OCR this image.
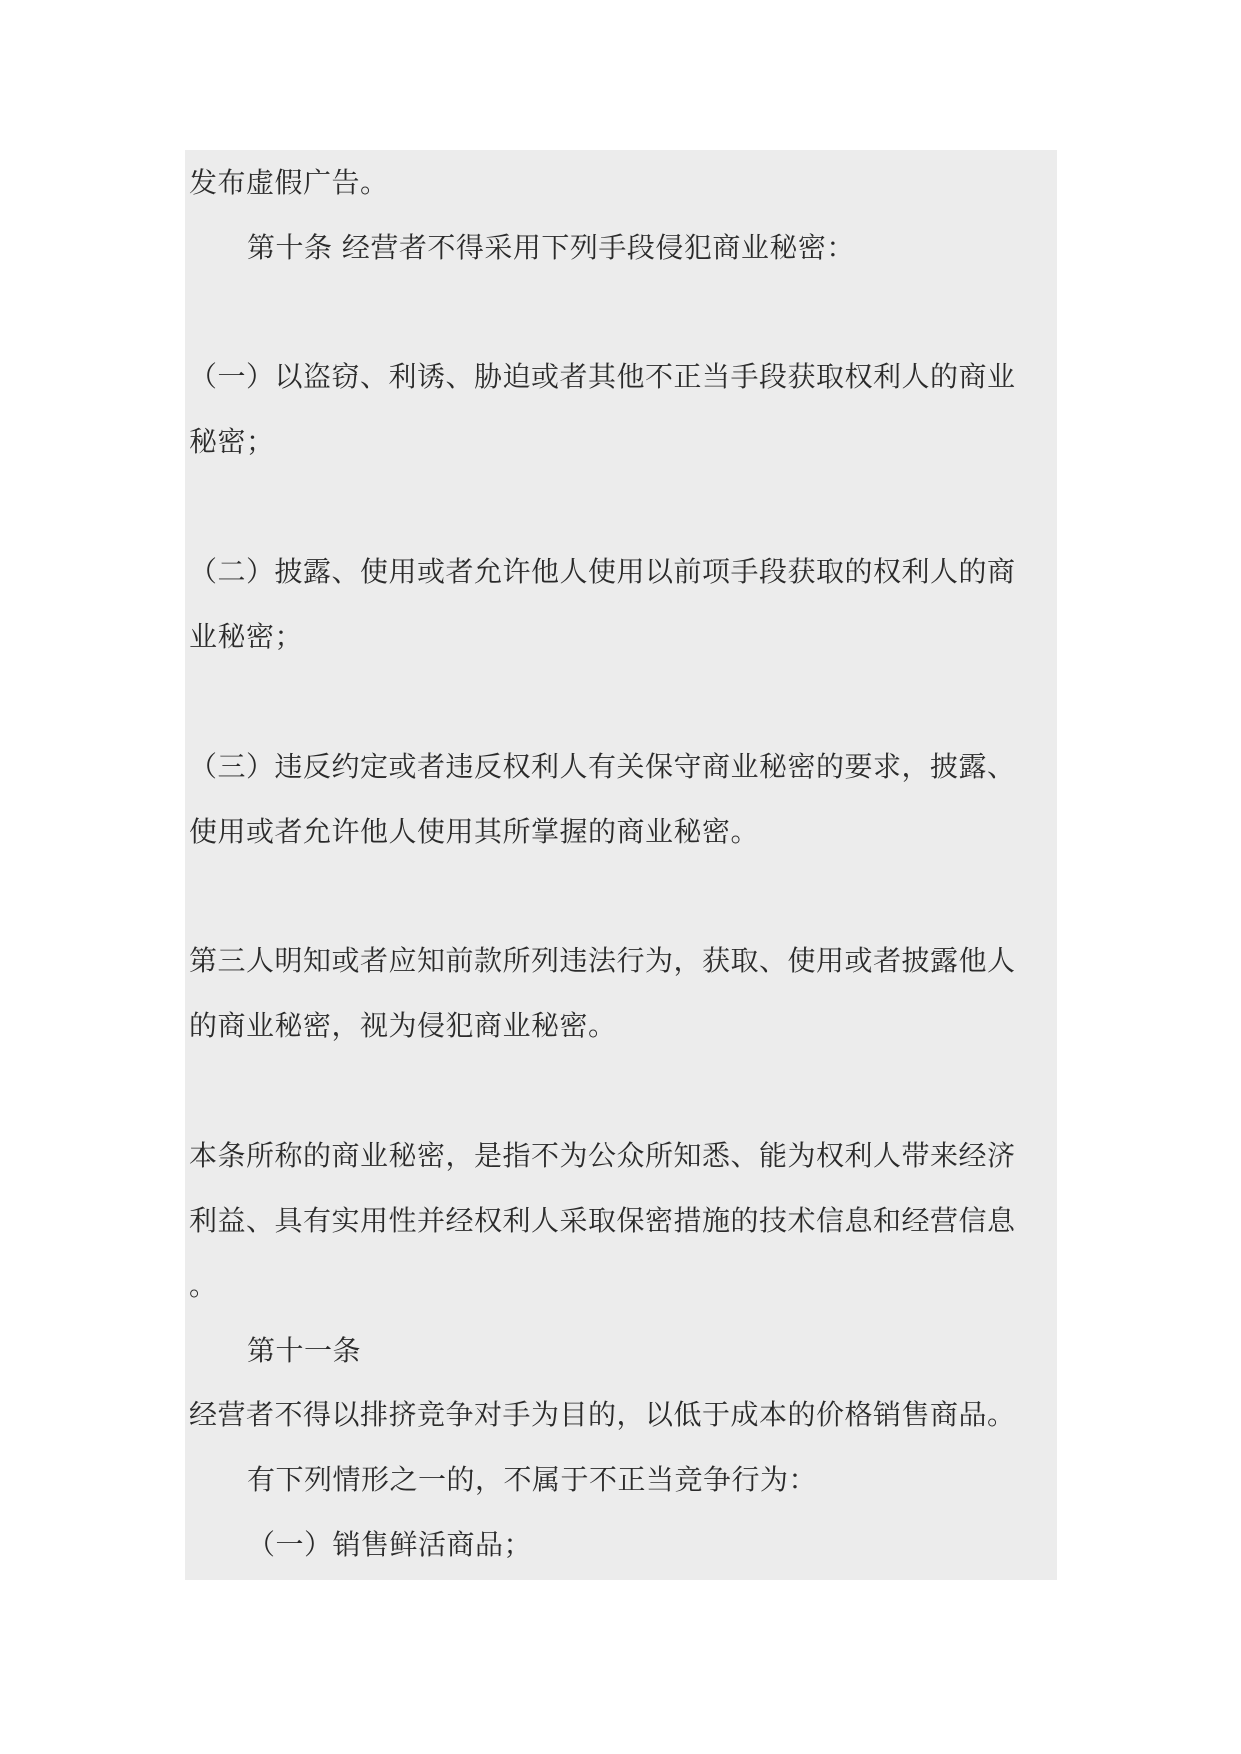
发布虚假广告。
第十条 经营者不得采用下列手段侵犯商业秘密：
（一）以盗窃、利诱、胁迫或者其他不正当手段获取权利人的商业
秘密；
（二）披露、使用或者允许他人使用以前项手段获取的权利人的商
业秘密；
（三）违反约定或者违反权利人有关保守商业秘密的要求，披露、
使用或者允许他人使用其所掌握的商业秘密。
第三人明知或者应知前款所列违法行为，获取、使用或者披露他人
的商业秘密，视为侵犯商业秘密。
本条所称的商业秘密，是指不为公众所知悉、能为权利人带来经济
利益、具有实用性并经权利人采取保密措施的技术信息和经营信息
。
第十一条
经营者不得以排挤竞争对手为目的，以低于成本的价格销售商品。
有下列情形之一的，不属于不正当竞争行为：
（一）销售鲜活商品；
